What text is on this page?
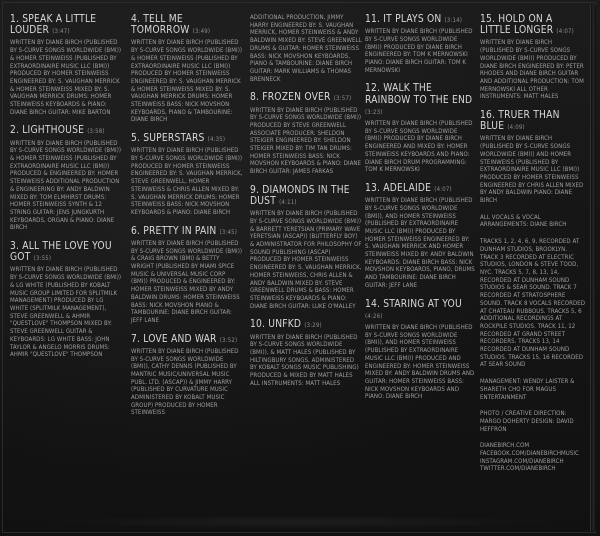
1. SPEAK A LITTLE LOUDER (3:47)

WRITTEN BY DIANE BIRCH (PUBLISHED BY S-CURVE SONGS WORLDWIDE (BMI)) & HOMER STEINWEISS (PUBLISHED BY EXTRAORDINAIRE MUSIC LLC (BMI)) PRODUCED BY HOMER STEINWEISS ENGINEERED BY: S. VAUGHAN MERRICK & HOMER STEINWEISS MIXED BY: S. VAUGHAN MERRICK DRUMS: HOMER STEINWEISS KEYBOARDS & PIANO: DIANE BIRCH GUITAR: MIKE BARTON

2. LIGHTHOUSE (3:58)

WRITTEN BY DIANE BIRCH (PUBLISHED BY S-CURVE SONGS WORLDWIDE (BMI)) & HOMER STEINWEISS (PUBLISHED BY EXTRAORDINAIRE MUSIC LLC (BMI)) PRODUCED & ENGINEERED BY: HOMER STEINWEISS ADDITIONAL PRODUCTION & ENGINEERING BY: ANDY BALDWIN MIXED BY: TOM ELMHIRST DRUMS: HOMER STEINWEISS SYNTH & 12 STRING GUITAR: JENS JUNGKURTH KEYBOARDS, ORGAN & PIANO: DIANE BIRCH

3. ALL THE LOVE YOU GOT (3:55)

WRITTEN BY DIANE BIRCH (PUBLISHED BY S-CURVE SONGS WORLDWIDE (BMI)) & LG WHITE (PUBLISHED BY KOBALT MUSIC GROUP LIMITED FOR SPLITMILK MANAGEMENT) PRODUCED BY LG WHITE (SPLITMILK MANAGEMENT), STEVE GREENWELL & AHMIR "QUESTLOVE" THOMPSON MIXED BY: STEVE GREENWELL GUITAR & KEYBOARDS: LG WHITE BASS: JOHN TAYLOR & ANGELO MORRIS DRUMS: AHMIR "QUESTLOVE" THOMPSON

4. TELL ME TOMORROW (3:49)

WRITTEN BY DIANE BIRCH (PUBLISHED BY S-CURVE SONGS WORLDWIDE (BMI)) & HOMER STEINWEISS (PUBLISHED BY EXTRAORDINAIRE MUSIC LLC (BMI)) PRODUCED BY HOMER STEINWEISS ENGINEERED BY: S. VAUGHAN MERRICK & HOMER STEINWEISS MIXED BY: S. VAUGHAN MERRICK DRUMS: HOMER STEINWEISS BASS: NICK MOVSHON KEYBOARDS, PIANO & TAMBOURINE: DIANE BIRCH

5. SUPERSTARS (4:35)

WRITTEN BY DIANE BIRCH (PUBLISHED BY S-CURVE SONGS WORLDWIDE (BMI)) PRODUCED BY HOMER STEINWEISS ENGINEERED BY: S. VAUGHAN MERRICK, STEVE GREENWELL, HOMER STEINWEISS & CHRIS ALLEN MIXED BY: S. VAUGHAN MERRICK DRUMS: HOMER STEINWEISS BASS: NICK MOVSHON KEYBOARDS & PIANO: DIANE BIRCH

6. PRETTY IN PAIN (3:45)

WRITTEN BY DIANE BIRCH (PUBLISHED BY S-CURVE SONGS WORLDWIDE (BMI)) & CRAIG BROWN (BMI) & BETTY WRIGHT (PUBLISHED BY MIAMI SPICE MUSIC & UNIVERSAL MUSIC CORP (BMI)) PRODUCED & ENGINEERED BY: HOMER STEINWEISS MIXED BY ANDY BALDWIN DRUMS: HOMER STEINWEISS BASS: NICK MOVSHON PIANO & TAMBOURINE: DIANE BIRCH GUITAR: JEFF LANE

7. LOVE AND WAR (3:52)

WRITTEN BY DIANE BIRCH (PUBLISHED BY S-CURVE SONGS WORLDWIDE (BMI)), CATHY DENNIS (PUBLISHED BY MANTRIC MUSIC/UNIVERSAL MUSIC PUBL. LTD. (ASCAP)) & JIMMY HARRY (PUBLISHED BY CURVATURE MUSIC ADMINISTERED BY KOBALT MUSIC GROUP) PRODUCED BY HOMER STEINWEISS

ADDITIONAL PRODUCTION, JIMMY HARRY ENGINEERED BY: S. VAUGHAN MERRICK, HOMER STEINWEISS & ANDY BALDWIN MIXED BY: STEVE GREENWELL DRUMS & GUITAR: HOMER STEINWEISS BASS: NICK MOVSHON KEYBOARDS, PIANO & TAMBOURINE: DIANE BIRCH GUITAR: MARK WILLIAMS & THOMAS BRENNECK

8. FROZEN OVER (3:57)

WRITTEN BY DIANE BIRCH (PUBLISHED BY S-CURVE SONGS WORLDWIDE (BMI)) PRODUCED BY STEVE GREENWELL ASSOCIATE PRODUCER: SHELDON STEIGER ENGINEERED BY: SHELDON STEIGER MIXED BY: TIM TAN DRUMS: HOMER STEINWEISS BASS: NICK MOVSHON KEYBOARDS & PIANO: DIANE BIRCH GUITAR: JAMES FARKAS

9. DIAMONDS IN THE DUST (4:11)

WRITTEN BY DIANE BIRCH (PUBLISHED BY S-CURVE SONGS WORLDWIDE (BMI)) & BARRETT YERETSIAN (PRIMARY WAVE YERETSIAN (ASCAP)) (BUTTERFLY BOY) & ADMINISTRATOR FOR PHILOSOPHY OF SOUND PUBLISHING (ASCAP) PRODUCED BY HOMER STEINWEISS ENGINEERED BY: S. VAUGHAN MERRICK, HOMER STEINWEISS, CHRIS ALLEN & ANDY BALDWIN MIXED BY: STEVE GREENWELL DRUMS & BASS: HOMER STEINWEISS KEYBOARDS & PIANO: DIANE BIRCH GUITAR: LUKE O'MALLEY

10. UNFKD (3:29)

WRITTEN BY DIANE BIRCH (PUBLISHED BY S-CURVE SONGS WORLDWIDE (BMI)), & MATT HALES (PUBLISHED BY HILTINGBURY SONGS, ADMINISTERED BY KOBALT SONGS MUSIC PUBLISHING) PRODUCED & MIXED BY MATT HALES ALL INSTRUMENTS: MATT HALES

11. IT PLAYS ON (3:14)

WRITTEN BY DIANE BIRCH (PUBLISHED BY S-CURVE SONGS WORLDWIDE (BMI)) PRODUCED BY DIANE BIRCH ENGINEERED BY: TOM K MERNOWSKI PIANO: DIANE BIRCH GUITAR: TOM K MERNOWSKI

12. WALK THE RAINBOW TO THE END (3:23)

WRITTEN BY DIANE BIRCH (PUBLISHED BY S-CURVE SONGS WORLDWIDE (BMI)) PRODUCED BY DIANE BIRCH ENGINEERED AND MIXED BY: HOMER STEINWEISS KEYBOARDS AND PIANO: DIANE BIRCH DRUM PROGRAMMING: TOM K MERNOWSKI

13. ADELAIDE (4:07)

WRITTEN BY DIANE BIRCH (PUBLISHED BY S-CURVE SONGS WORLDWIDE (BMI)), AND HOMER STEINWEISS (PUBLISHED BY EXTRAORDINAIRE MUSIC LLC (BMI)) PRODUCED BY HOMER STEINWEISS ENGINEERED BY: S. VAUGHAN MERRICK AND HOMER STEINWEISS MIXED BY: ANDY BALDWIN KEYBOARDS: DIANE BIRCH BASS: NICK MOVSHON KEYBOARDS, PIANO, DRUMS AND TAMBOURINE: DIANE BIRCH GUITAR: JEFF LANE

14. STARING AT YOU (4:26)

WRITTEN BY DIANE BIRCH (PUBLISHED BY S-CURVE SONGS WORLDWIDE (BMI)), AND HOMER STEINWEISS (PUBLISHED BY EXTRAORDINAIRE MUSIC LLC (BMI)) PRODUCED AND ENGINEERED BY: HOMER STEINWEISS MIXED BY: ANDY BALDWIN DRUMS AND GUITAR: HOMER STEINWEISS BASS: NICK MOVSHON KEYBOARDS AND PIANO: DIANE BIRCH

15. HOLD ON A LITTLE LONGER (4:07)

WRITTEN BY DIANE BIRCH (PUBLISHED BY S-CURVE SONGS WORLDWIDE (BMI)) PRODUCED BY DIANE BIRCH ENGINEERED BY: PETER RHODES AND DIANE BIRCH GUITAR AND ADDITIONAL PRODUCTION: TOM MERNOWSKI ALL OTHER INSTRUMENTS: MATT HALES

16. TRUER THAN BLUE (4:09)

WRITTEN BY DIANE BIRCH (PUBLISHED BY S-CURVE SONGS WORLDWIDE (BMI)) AND HOMER STEINWEISS (PUBLISHED BY EXTRAORDINAIRE MUSIC LLC (BMI)) PRODUCED BY HOMER STEINWEISS ENGINEERED BY CHRIS ALLEN MIXED BY ANDY BALDWIN PIANO: DIANE BIRCH

ALL VOCALS & VOCAL ARRANGEMENTS: DIANE BIRCH

TRACKS 1, 2, 4, 6, 9, RECORDED AT DUNHAM STUDIOS, BROOKLYN. TRACK 3 RECORDED AT ELECTRIC STUDIOS, LONDON & STEVE TOOD, NYC. TRACKS 5, 7, 8, 13, 14, RECORDED AT DUNHAM SOUND STUDIOS & SEAR SOUND. TRACK 7 RECORDED AT STRATOSPHERE SOUND. TRACK 8 VOCALS RECORDED AT CHATEAU RUBBOUS. TRACKS 5, 6 ADDITIONAL RECORDINGS AT ROCKPILE STUDIOS. TRACK 11, 12 RECORDED AT GRAND STREET RECORDERS. TRACKS 13, 14 RECORDED AT DUNHAM SOUND STUDIOS. TRACKS 15, 16 RECORDED AT SEAR SOUND

MANAGEMENT: WENDY LAISTER & SHARETH CHO FOR MAGUS ENTERTAINMENT

PHOTO / CREATIVE DIRECTION: MARGO DOHERTY DESIGN: DAVID HEFFRON

DIANEBIRCH.COM FACEBOOK.COM/DIANEBIRCHMUSIC INSTAGRAM.COM/DIANEBIRCH TWITTER.COM/DIANEBIRCH
